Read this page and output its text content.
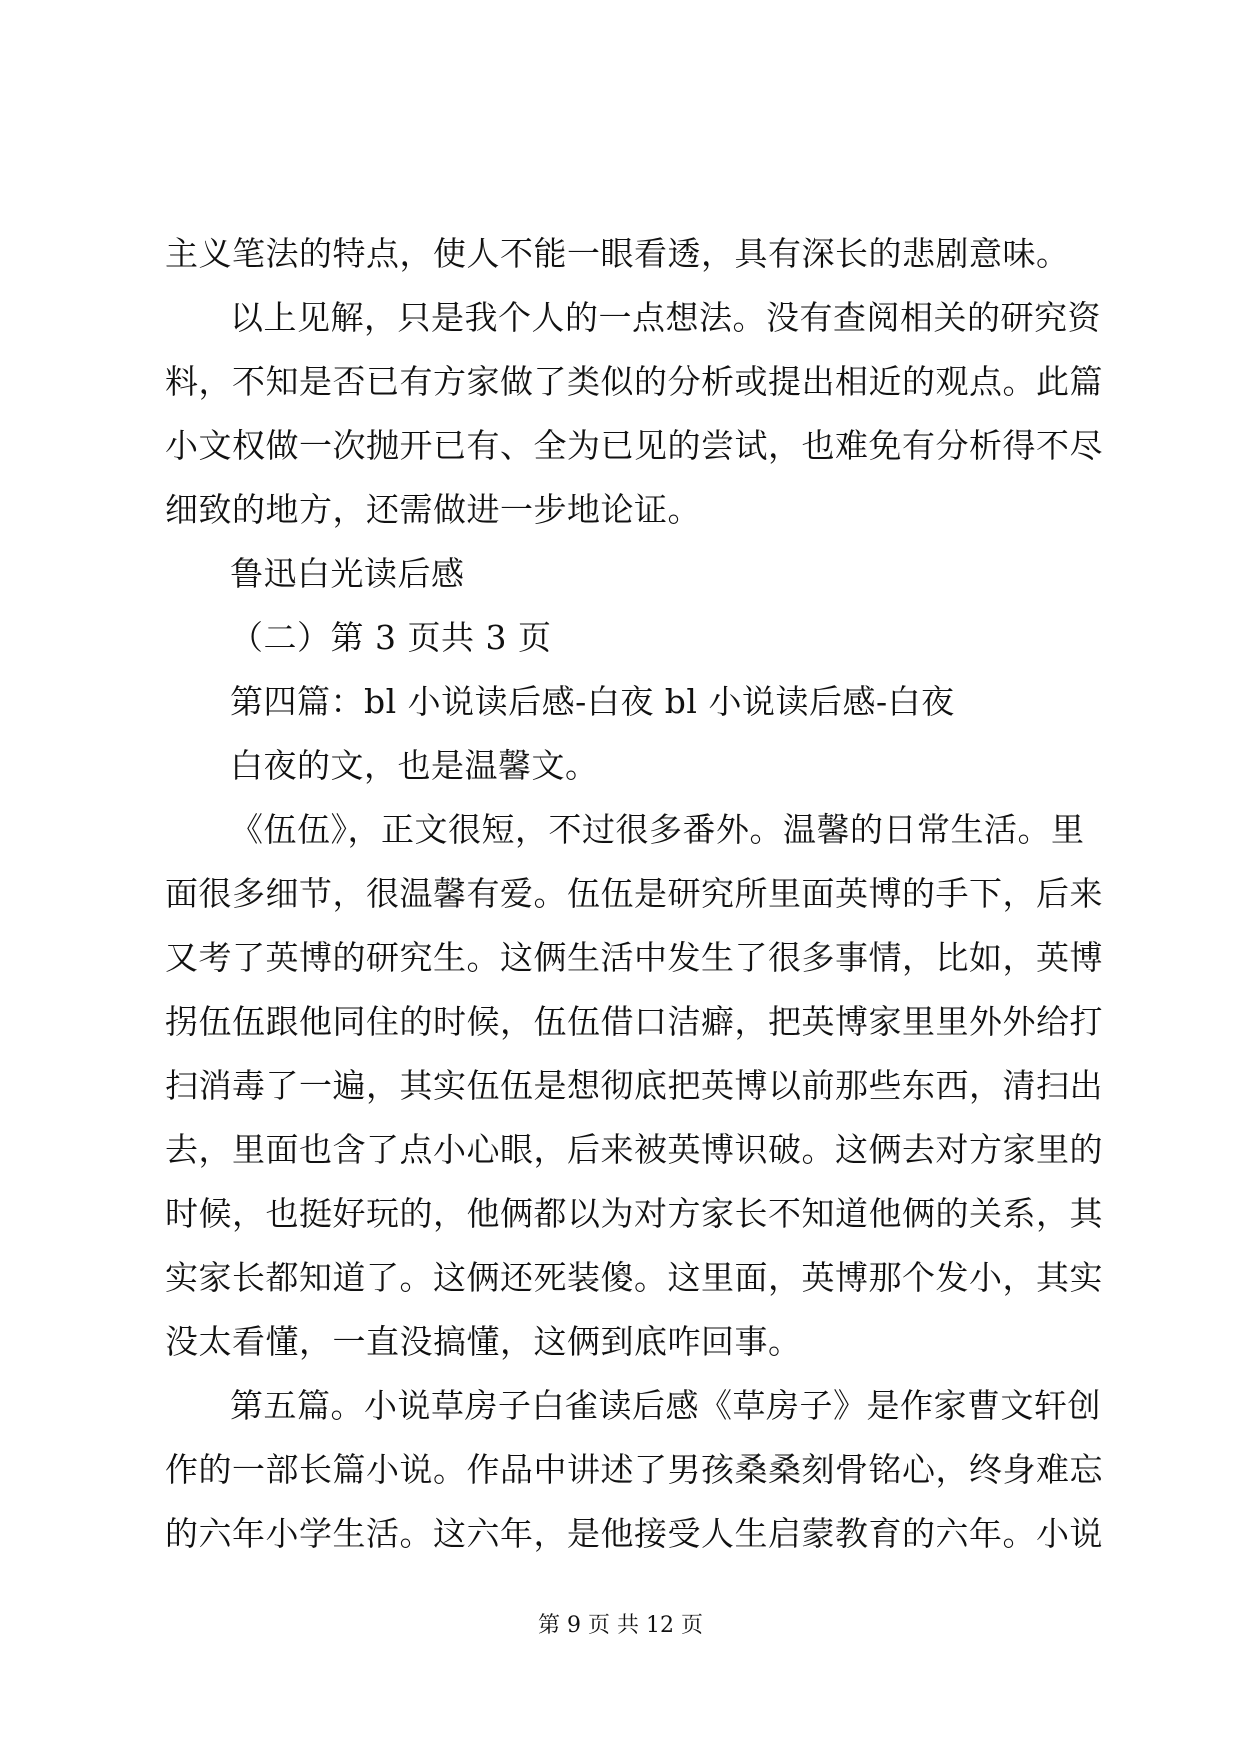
主义笔法的特点，使人不能一眼看透，具有深长的悲剧意味。
以上见解，只是我个人的一点想法。没有查阅相关的研究资
料，不知是否已有方家做了类似的分析或提出相近的观点。此篇
小文权做一次抛开已有、全为已见的尝试，也难免有分析得不尽
细致的地方，还需做进一步地论证。
鲁迅白光读后感
（二）第 3 页共 3 页
第四篇：bl 小说读后感-白夜 bl 小说读后感-白夜
白夜的文，也是温馨文。
《伍伍》，正文很短，不过很多番外。温馨的日常生活。里
面很多细节，很温馨有爱。伍伍是研究所里面英博的手下，后来
又考了英博的研究生。这俩生活中发生了很多事情，比如，英博
拐伍伍跟他同住的时候，伍伍借口洁癖，把英博家里里外外给打
扫消毒了一遍，其实伍伍是想彻底把英博以前那些东西，清扫出
去，里面也含了点小心眼，后来被英博识破。这俩去对方家里的
时候，也挺好玩的，他俩都以为对方家长不知道他俩的关系，其
实家长都知道了。这俩还死装傻。这里面，英博那个发小，其实
没太看懂，一直没搞懂，这俩到底咋回事。
第五篇。小说草房子白雀读后感《草房子》是作家曹文轩创
作的一部长篇小说。作品中讲述了男孩桑桑刻骨铭心，终身难忘
的六年小学生活。这六年，是他接受人生启蒙教育的六年。小说
第 9 页 共 12 页
